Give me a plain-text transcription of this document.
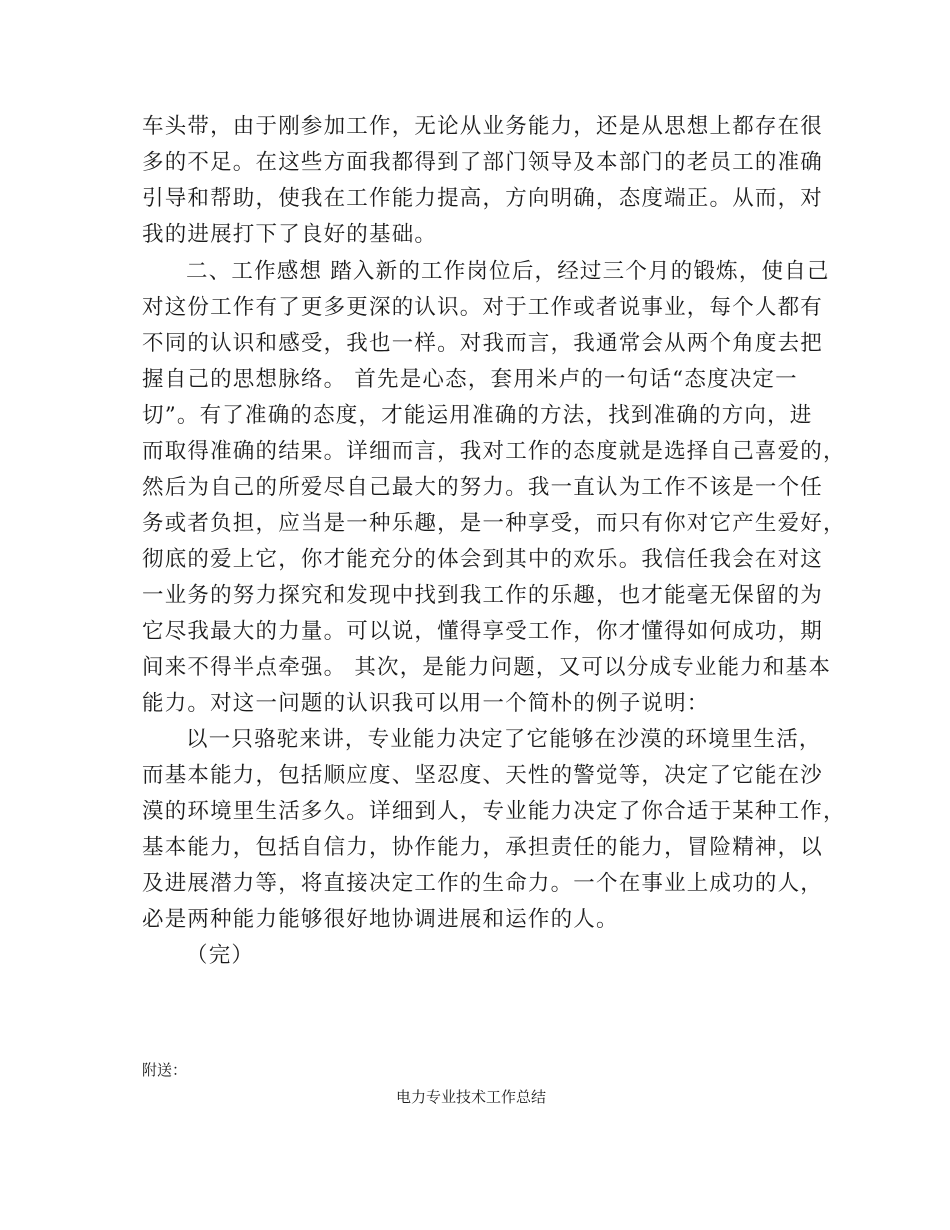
车头带，由于刚参加工作，无论从业务能力，还是从思想上都存在很
多的不足。在这些方面我都得到了部门领导及本部门的老员工的准确
引导和帮助，使我在工作能力提高，方向明确，态度端正。从而，对
我的进展打下了良好的基础。
二、工作感想 踏入新的工作岗位后，经过三个月的锻炼，使自己
对这份工作有了更多更深的认识。对于工作或者说事业，每个人都有
不同的认识和感受，我也一样。对我而言，我通常会从两个角度去把
握自己的思想脉络。 首先是心态，套用米卢的一句话“态度决定一
切”。有了准确的态度，才能运用准确的方法，找到准确的方向，进
而取得准确的结果。详细而言，我对工作的态度就是选择自己喜爱的，
然后为自己的所爱尽自己最大的努力。我一直认为工作不该是一个任
务或者负担，应当是一种乐趣，是一种享受，而只有你对它产生爱好，
彻底的爱上它，你才能充分的体会到其中的欢乐。我信任我会在对这
一业务的努力探究和发现中找到我工作的乐趣，也才能毫无保留的为
它尽我最大的力量。可以说，懂得享受工作，你才懂得如何成功，期
间来不得半点牵强。 其次，是能力问题，又可以分成专业能力和基本
能力。对这一问题的认识我可以用一个简朴的例子说明：
以一只骆驼来讲，专业能力决定了它能够在沙漠的环境里生活，
而基本能力，包括顺应度、坚忍度、天性的警觉等，决定了它能在沙
漠的环境里生活多久。详细到人，专业能力决定了你合适于某种工作，
基本能力，包括自信力，协作能力，承担责任的能力，冒险精神，以
及进展潜力等，将直接决定工作的生命力。一个在事业上成功的人，
必是两种能力能够很好地协调进展和运作的人。
（完）
附送：
电力专业技术工作总结
